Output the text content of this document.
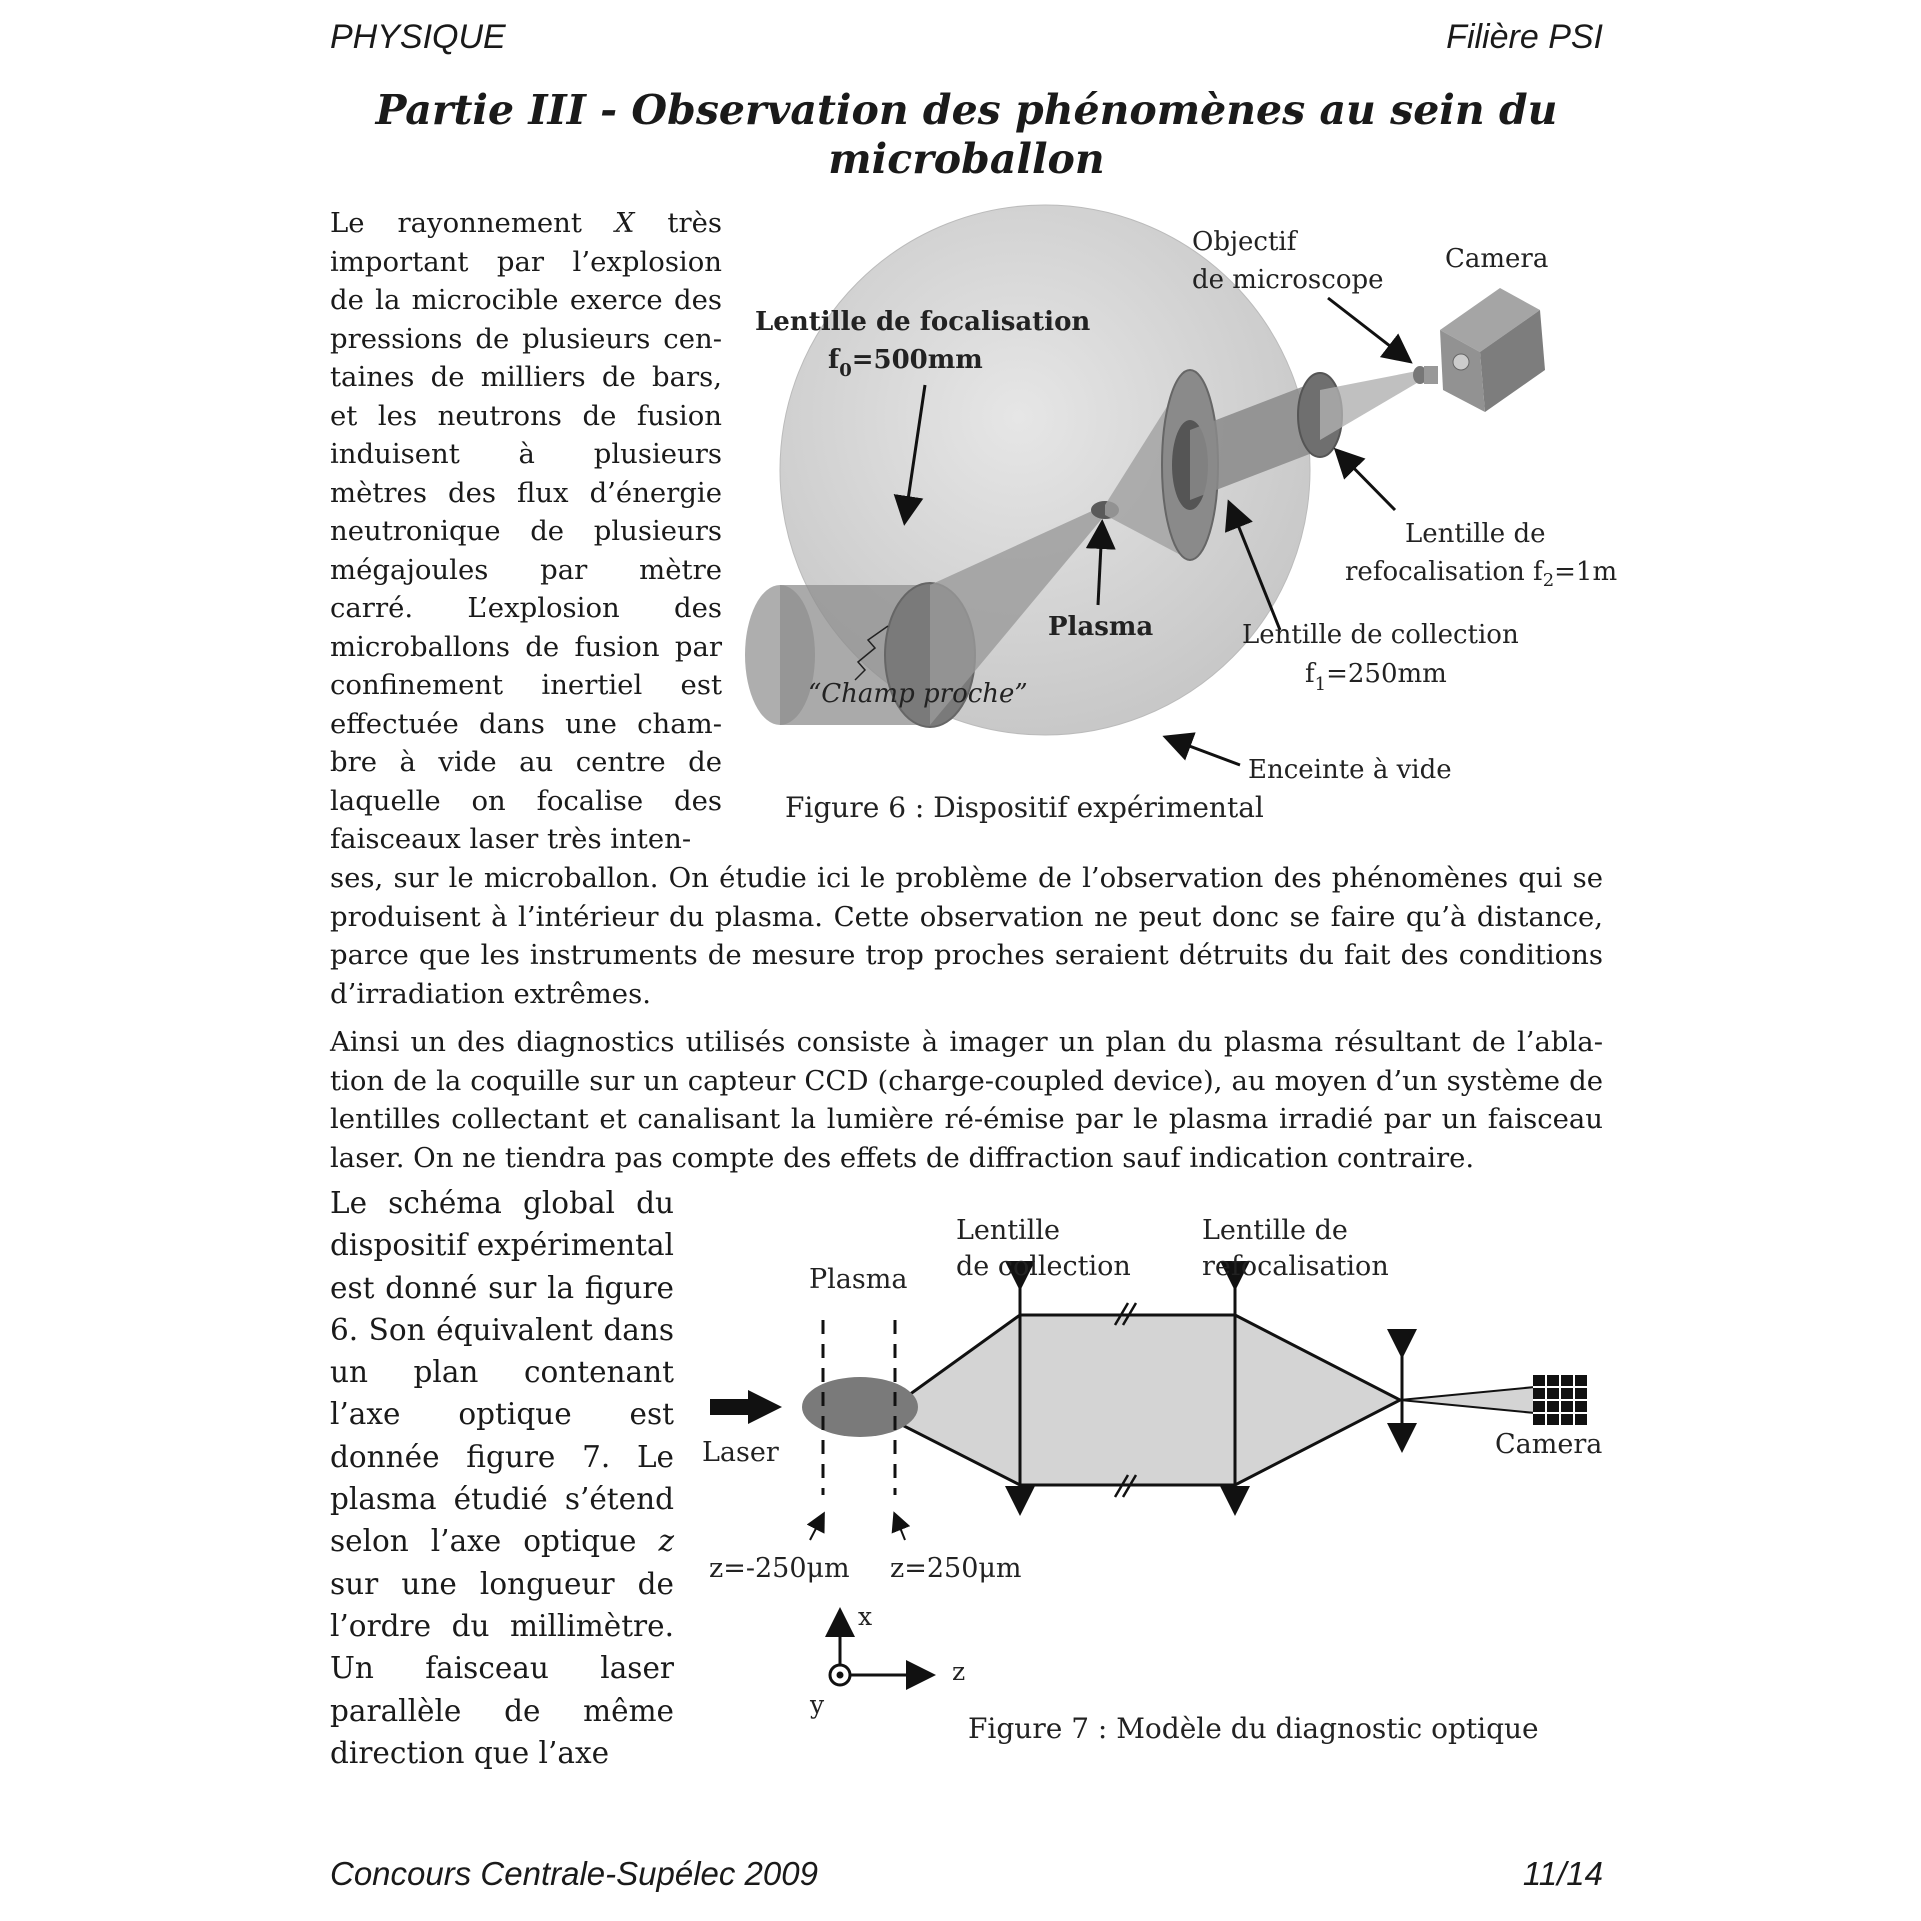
PHYSIQUE	Filière PSI
Partie III - Observation des phénomènes au sein du
microballon
Le rayonnement X très important par l’explosion de la microcible exerce des pressions de plusieurs centaines de milliers de bars, et les neutrons de fusion induisent à plusieurs mètres des flux d’énergie neutronique de plusieurs mégajoules par mètre carré. L’explosion des microballons de fusion par confinement inertiel est effectuée dans une chambre à vide au centre de laquelle on focalise des faisceaux laser très inten-
ses, sur le microballon. On étudie ici le problème de l’observation des phénomènes qui se produisent à l’intérieur du plasma. Cette observation ne peut donc se faire qu’à distance, parce que les instruments de mesure trop proches seraient détruits du fait des conditions d’irradiation extrêmes.
Ainsi un des diagnostics utilisés consiste à imager un plan du plasma résultant de l’ablation de la coquille sur un capteur CCD (charge-coupled device), au moyen d’un système de lentilles collectant et canalisant la lumière ré-émise par le plasma irradié par un faisceau laser. On ne tiendra pas compte des effets de diffraction sauf indication contraire.
Le schéma global du dispositif expérimental est donné sur la figure 6. Son équivalent dans un plan contenant l’axe optique est donnée figure 7. Le plasma étudié s’étend selon l’axe optique z sur une longueur de l’ordre du millimètre. Un faisceau laser parallèle de même direction que l’axe
Objectif
de microscope
Camera
Lentille de focalisation
$f_0=500mm$
Lentille de
refocalisation $f_2=1m$
Plasma	Lentille de collection
$f_1=250mm$
“Champ proche”
Enceinte à vide
Figure 6 : Dispositif expérimental
Lentille
de collection
Lentille de
refocalisation
Plasma
Laser	Camera
z=-250μm z=250μm
x
y
z
Figure 7 : Modèle du diagnostic optique
Concours Centrale-Supélec 2009	11/14
